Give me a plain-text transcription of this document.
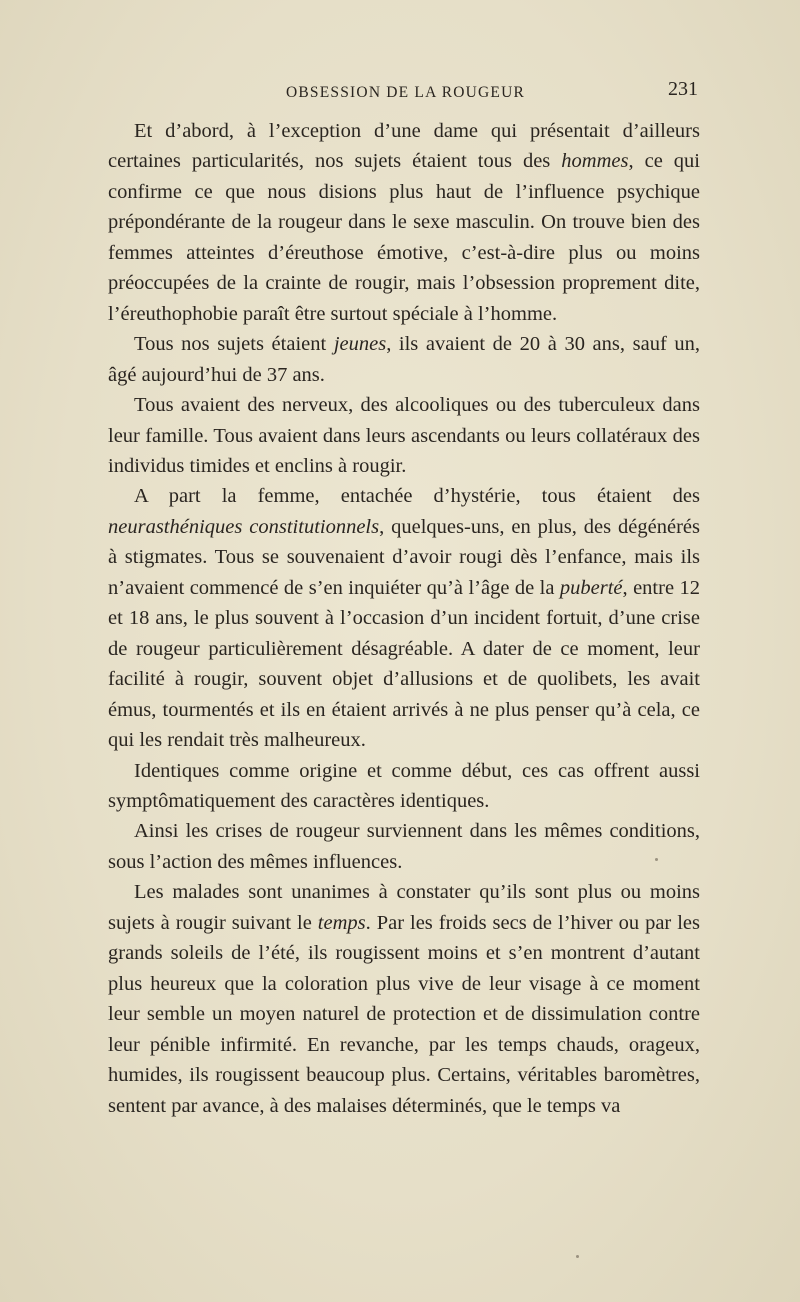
OBSESSION DE LA ROUGEUR	231

Et d’abord, à l’exception d’une dame qui présentait d’ailleurs certaines particularités, nos sujets étaient tous des hommes, ce qui confirme ce que nous disions plus haut de l’influence psychique prépondérante de la rougeur dans le sexe masculin. On trouve bien des femmes atteintes d’éreuthose émotive, c’est-à-dire plus ou moins préoccupées de la crainte de rougir, mais l’obsession proprement dite, l’éreuthophobie paraît être surtout spéciale à l’homme.

Tous nos sujets étaient jeunes, ils avaient de 20 à 30 ans, sauf un, âgé aujourd’hui de 37 ans.

Tous avaient des nerveux, des alcooliques ou des tuberculeux dans leur famille. Tous avaient dans leurs ascendants ou leurs collatéraux des individus timides et enclins à rougir.

A part la femme, entachée d’hystérie, tous étaient des neurasthéniques constitutionnels, quelques-uns, en plus, des dégénérés à stigmates. Tous se souvenaient d’avoir rougi dès l’enfance, mais ils n’avaient commencé de s’en inquiéter qu’à l’âge de la puberté, entre 12 et 18 ans, le plus souvent à l’occasion d’un incident fortuit, d’une crise de rougeur particulièrement désagréable. A dater de ce moment, leur facilité à rougir, souvent objet d’allusions et de quolibets, les avait émus, tourmentés et ils en étaient arrivés à ne plus penser qu’à cela, ce qui les rendait très malheureux.

Identiques comme origine et comme début, ces cas offrent aussi symptômatiquement des caractères identiques.

Ainsi les crises de rougeur surviennent dans les mêmes conditions, sous l’action des mêmes influences.

Les malades sont unanimes à constater qu’ils sont plus ou moins sujets à rougir suivant le temps. Par les froids secs de l’hiver ou par les grands soleils de l’été, ils rougissent moins et s’en montrent d’autant plus heureux que la coloration plus vive de leur visage à ce moment leur semble un moyen naturel de protection et de dissimulation contre leur pénible infirmité. En revanche, par les temps chauds, orageux, humides, ils rougissent beaucoup plus. Certains, véritables baromètres, sentent par avance, à des malaises déterminés, que le temps va
